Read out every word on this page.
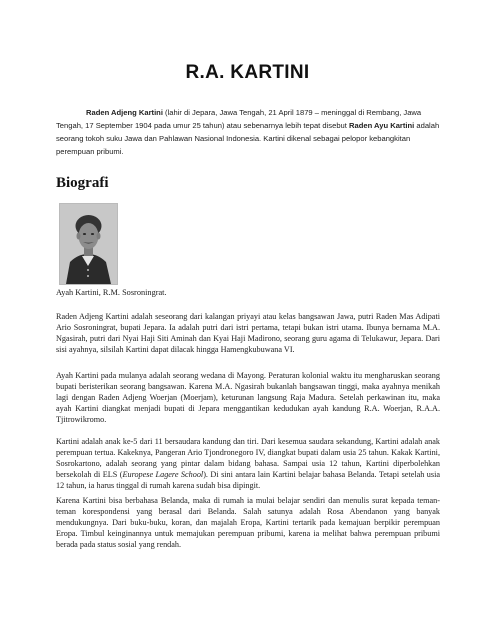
R.A. KARTINI
Raden Adjeng Kartini (lahir di Jepara, Jawa Tengah, 21 April 1879 – meninggal di Rembang, Jawa Tengah, 17 September 1904 pada umur 25 tahun) atau sebenarnya lebih tepat disebut Raden Ayu Kartini adalah seorang tokoh suku Jawa dan Pahlawan Nasional Indonesia. Kartini dikenal sebagai pelopor kebangkitan perempuan pribumi.
Biografi
Ayah Kartini, R.M. Sosroningrat.

Raden Adjeng Kartini adalah seseorang dari kalangan priyayi atau kelas bangsawan Jawa, putri Raden Mas Adipati Ario Sosroningrat, bupati Jepara. Ia adalah putri dari istri pertama, tetapi bukan istri utama. Ibunya bernama M.A. Ngasirah, putri dari Nyai Haji Siti Aminah dan Kyai Haji Madirono, seorang guru agama di Telukawur, Jepara. Dari sisi ayahnya, silsilah Kartini dapat dilacak hingga Hamengkubuwana VI.

Ayah Kartini pada mulanya adalah seorang wedana di Mayong. Peraturan kolonial waktu itu mengharuskan seorang bupati beristerikan seorang bangsawan. Karena M.A. Ngasirah bukanlah bangsawan tinggi, maka ayahnya menikah lagi dengan Raden Adjeng Woerjan (Moerjam), keturunan langsung Raja Madura. Setelah perkawinan itu, maka ayah Kartini diangkat menjadi bupati di Jepara menggantikan kedudukan ayah kandung R.A. Woerjan, R.A.A. Tjitrowikromo.

Kartini adalah anak ke-5 dari 11 bersaudara kandung dan tiri. Dari kesemua saudara sekandung, Kartini adalah anak perempuan tertua. Kakeknya, Pangeran Ario Tjondronegoro IV, diangkat bupati dalam usia 25 tahun. Kakak Kartini, Sosrokartono, adalah seorang yang pintar dalam bidang bahasa. Sampai usia 12 tahun, Kartini diperbolehkan bersekolah di ELS (Europese Lagere School). Di sini antara lain Kartini belajar bahasa Belanda. Tetapi setelah usia 12 tahun, ia harus tinggal di rumah karena sudah bisa dipingit.

Karena Kartini bisa berbahasa Belanda, maka di rumah ia mulai belajar sendiri dan menulis surat kepada teman-teman korespondensi yang berasal dari Belanda. Salah satunya adalah Rosa Abendanon yang banyak mendukungnya. Dari buku-buku, koran, dan majalah Eropa, Kartini tertarik pada kemajuan berpikir perempuan Eropa. Timbul keinginannya untuk memajukan perempuan pribumi, karena ia melihat bahwa perempuan pribumi berada pada status sosial yang rendah.
